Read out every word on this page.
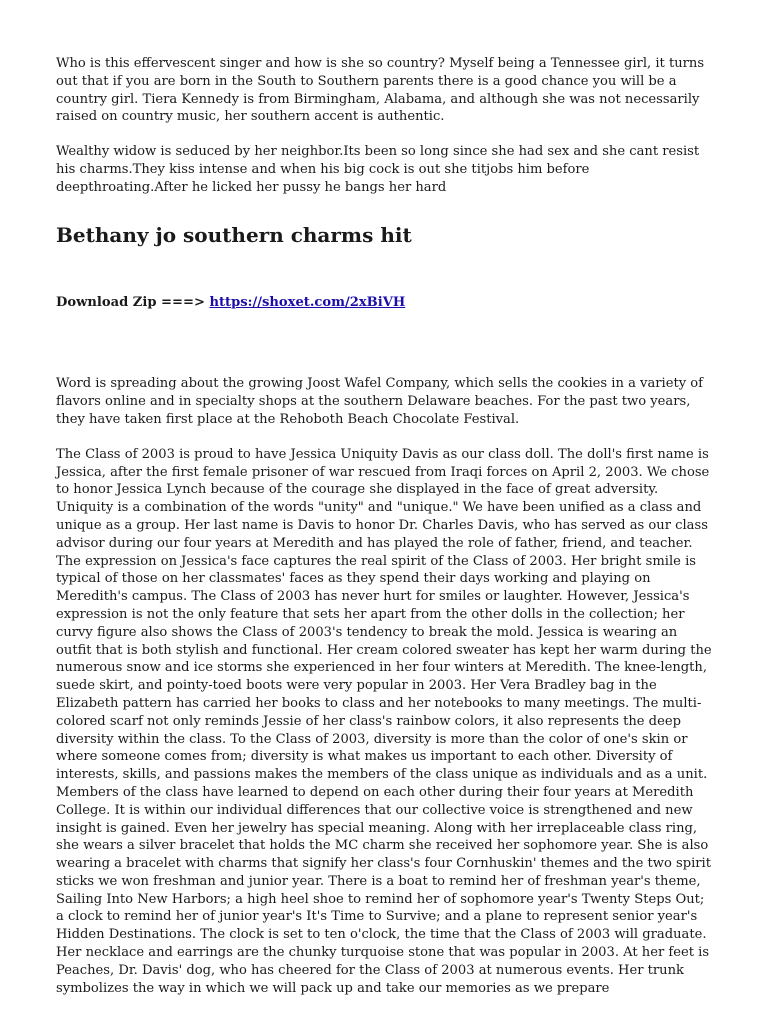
Who is this effervescent singer and how is she so country? Myself being a Tennessee girl, it turns out that if you are born in the South to Southern parents there is a good chance you will be a country girl. Tiera Kennedy is from Birmingham, Alabama, and although she was not necessarily raised on country music, her southern accent is authentic.

Wealthy widow is seduced by her neighbor.Its been so long since she had sex and she cant resist his charms.They kiss intense and when his big cock is out she titjobs him before deepthroating.After he licked her pussy he bangs her hard

Bethany jo southern charms hit
Download Zip ===> https://shoxet.com/2xBiVH

Word is spreading about the growing Joost Wafel Company, which sells the cookies in a variety of flavors online and in specialty shops at the southern Delaware beaches. For the past two years, they have taken first place at the Rehoboth Beach Chocolate Festival.

The Class of 2003 is proud to have Jessica Uniquity Davis as our class doll. The doll's first name is Jessica, after the first female prisoner of war rescued from Iraqi forces on April 2, 2003. We chose to honor Jessica Lynch because of the courage she displayed in the face of great adversity. Uniquity is a combination of the words "unity" and "unique." We have been unified as a class and unique as a group. Her last name is Davis to honor Dr. Charles Davis, who has served as our class advisor during our four years at Meredith and has played the role of father, friend, and teacher. The expression on Jessica's face captures the real spirit of the Class of 2003. Her bright smile is typical of those on her classmates' faces as they spend their days working and playing on Meredith's campus. The Class of 2003 has never hurt for smiles or laughter. However, Jessica's expression is not the only feature that sets her apart from the other dolls in the collection; her curvy figure also shows the Class of 2003's tendency to break the mold. Jessica is wearing an outfit that is both stylish and functional. Her cream colored sweater has kept her warm during the numerous snow and ice storms she experienced in her four winters at Meredith. The knee-length, suede skirt, and pointy-toed boots were very popular in 2003. Her Vera Bradley bag in the Elizabeth pattern has carried her books to class and her notebooks to many meetings. The multi-colored scarf not only reminds Jessie of her class's rainbow colors, it also represents the deep diversity within the class. To the Class of 2003, diversity is more than the color of one's skin or where someone comes from; diversity is what makes us important to each other. Diversity of interests, skills, and passions makes the members of the class unique as individuals and as a unit. Members of the class have learned to depend on each other during their four years at Meredith College. It is within our individual differences that our collective voice is strengthened and new insight is gained. Even her jewelry has special meaning. Along with her irreplaceable class ring, she wears a silver bracelet that holds the MC charm she received her sophomore year. She is also wearing a bracelet with charms that signify her class's four Cornhuskin' themes and the two spirit sticks we won freshman and junior year. There is a boat to remind her of freshman year's theme, Sailing Into New Harbors; a high heel shoe to remind her of sophomore year's Twenty Steps Out; a clock to remind her of junior year's It's Time to Survive; and a plane to represent senior year's Hidden Destinations. The clock is set to ten o'clock, the time that the Class of 2003 will graduate. Her necklace and earrings are the chunky turquoise stone that was popular in 2003. At her feet is Peaches, Dr. Davis' dog, who has cheered for the Class of 2003 at numerous events. Her trunk symbolizes the way in which we will pack up and take our memories as we prepare
